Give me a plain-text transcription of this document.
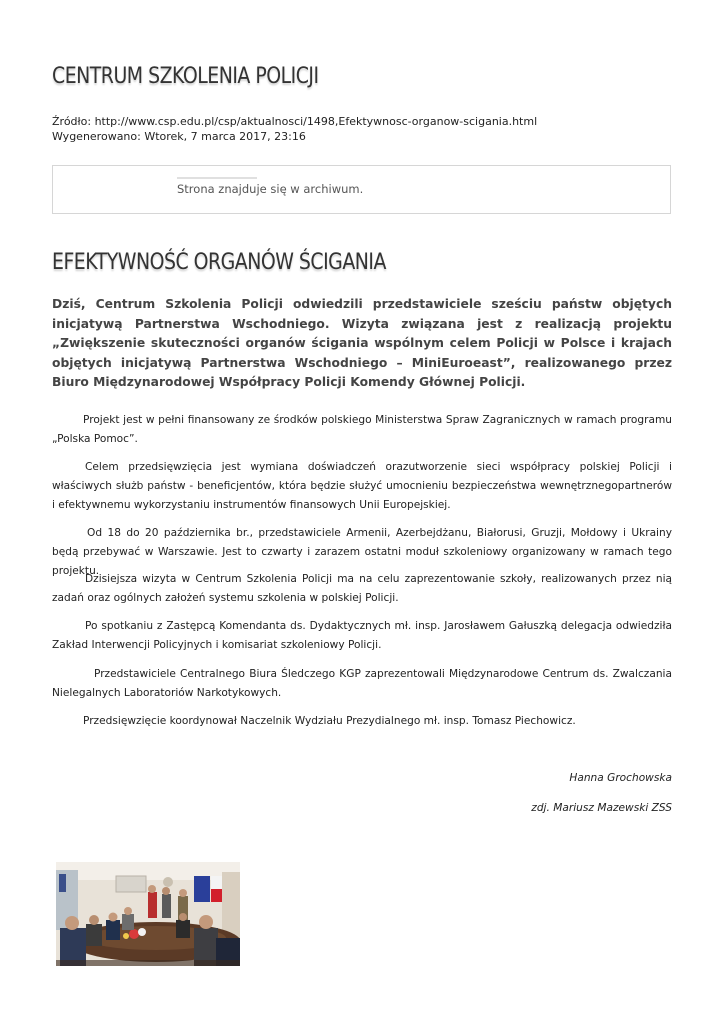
CENTRUM SZKOLENIA POLICJI
Źródło: http://www.csp.edu.pl/csp/aktualnosci/1498,Efektywnosc-organow-scigania.html
Wygenerowano: Wtorek, 7 marca 2017, 23:16
Strona znajduje się w archiwum.
EFEKTYWNOŚĆ ORGANÓW ŚCIGANIA

Dziś, Centrum Szkolenia Policji odwiedzili przedstawiciele sześciu państw objętych inicjatywą Partnerstwa Wschodniego. Wizyta związana jest z realizacją projektu „Zwiększenie skuteczności organów ścigania wspólnym celem Policji w Polsce i krajach objętych inicjatywą Partnerstwa Wschodniego – MiniEuroeast”, realizowanego przez Biuro Międzynarodowej Współpracy Policji Komendy Głównej Policji.

Projekt jest w pełni finansowany ze środków polskiego Ministerstwa Spraw Zagranicznych w ramach programu „Polska Pomoc”.

Celem przedsięwzięcia jest wymiana doświadczeń orazutworzenie sieci współpracy polskiej Policji i właściwych służb państw - beneficjentów, która będzie służyć umocnieniu bezpieczeństwa wewnętrznegopartnerów i efektywnemu wykorzystaniu instrumentów finansowych Unii Europejskiej.

Od 18 do 20 października br., przedstawiciele Armenii, Azerbejdżanu, Białorusi, Gruzji, Mołdowy i Ukrainy będą przebywać w Warszawie. Jest to czwarty i zarazem ostatni moduł szkoleniowy organizowany w ramach tego projektu.

Dzisiejsza wizyta w Centrum Szkolenia Policji ma na celu zaprezentowanie szkoły, realizowanych przez nią zadań oraz ogólnych założeń systemu szkolenia w polskiej Policji.

Po spotkaniu z Zastępcą Komendanta ds. Dydaktycznych mł. insp. Jarosławem Gałuszką delegacja odwiedziła Zakład Interwencji Policyjnych i komisariat szkoleniowy Policji.

Przedstawiciele Centralnego Biura Śledczego KGP zaprezentowali Międzynarodowe Centrum ds. Zwalczania Nielegalnych Laboratoriów Narkotykowych.

Przedsięwzięcie koordynował Naczelnik Wydziału Prezydialnego mł. insp. Tomasz Piechowicz.

Hanna Grochowska

zdj. Mariusz Mazewski ZSS
